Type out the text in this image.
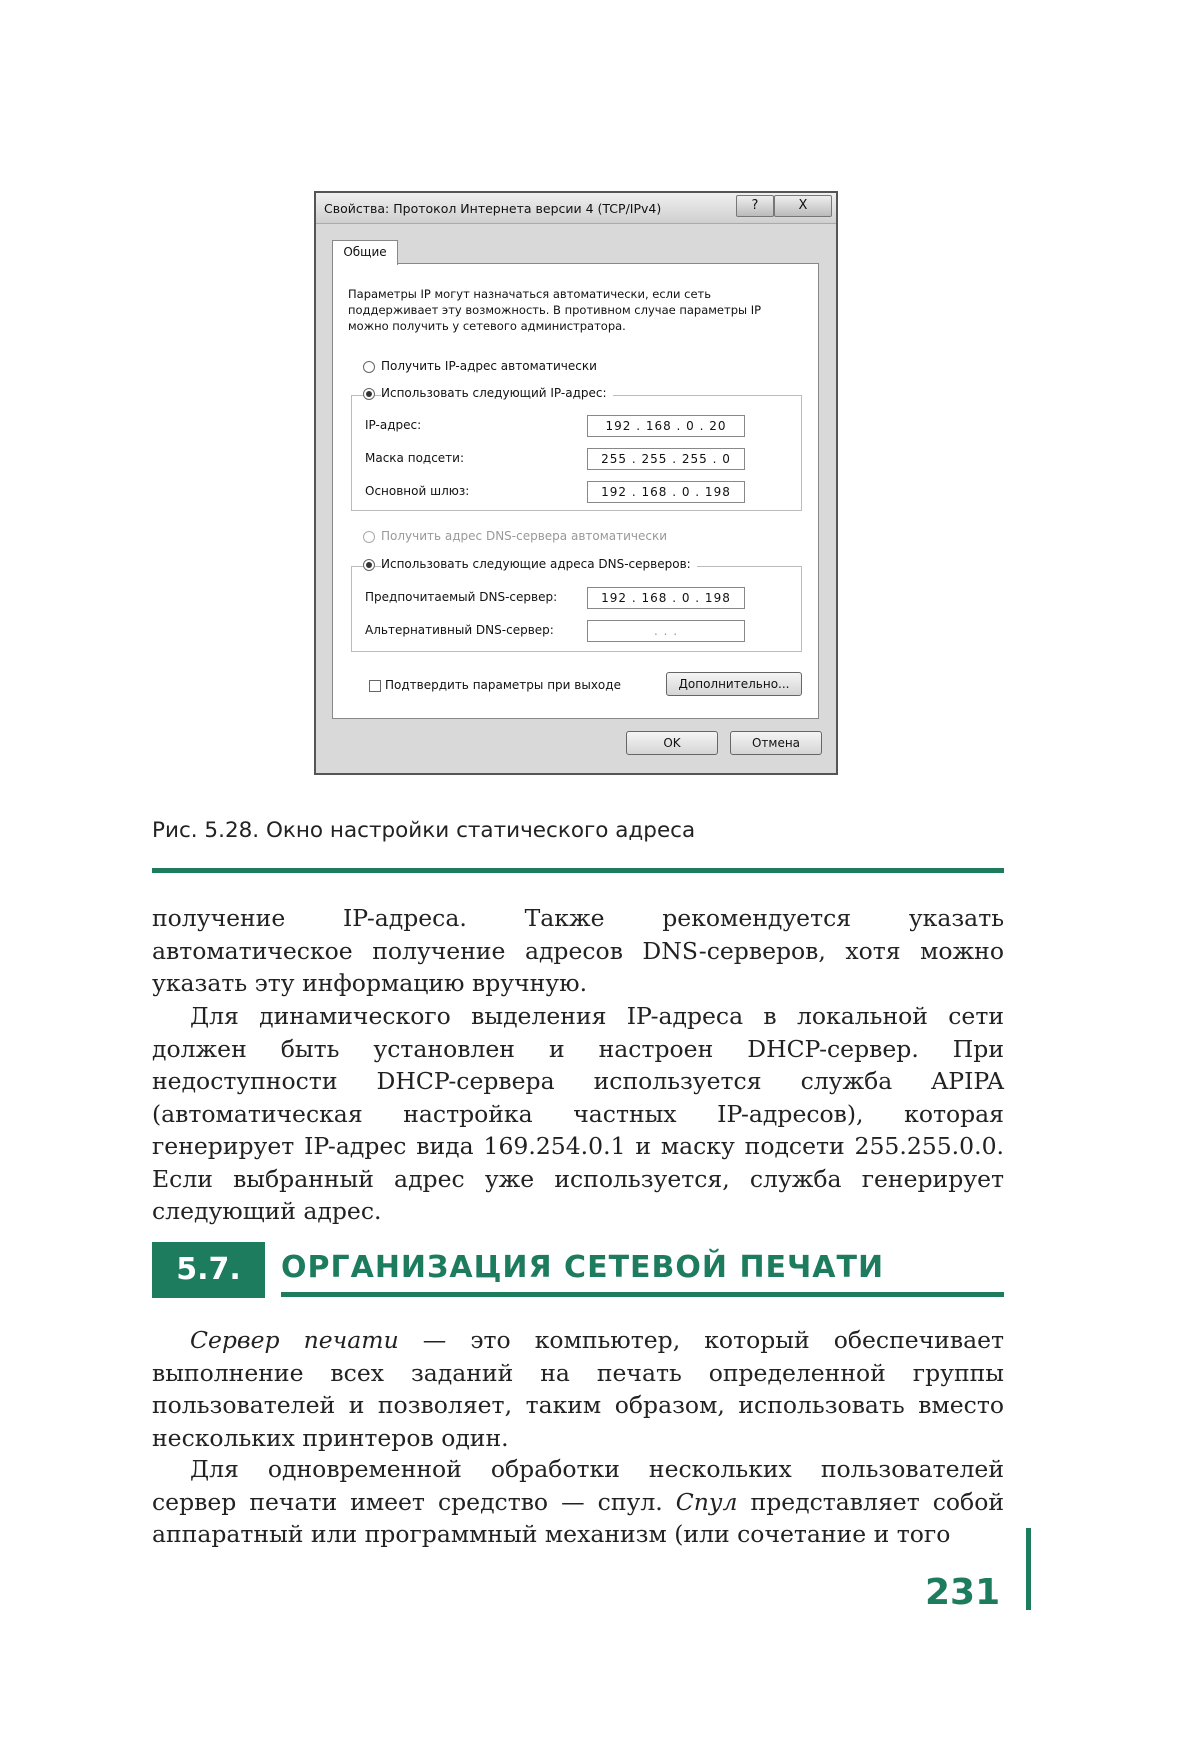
Свойства: Протокол Интернета версии 4 (TCP/IPv4)	?	X
Общие
Параметры IP могут назначаться автоматически, если сеть поддерживает эту возможность. В противном случае параметры IP можно получить у сетевого администратора.
Получить IP-адрес автоматически
Использовать следующий IP-адрес:
IP-адрес:	192 . 168 . 0 . 20
Маска подсети:	255 . 255 . 255 . 0
Основной шлюз:	192 . 168 . 0 . 198
Получить адрес DNS-сервера автоматически
Использовать следующие адреса DNS-серверов:
Предпочитаемый DNS-сервер:	192 . 168 . 0 . 198
Альтернативный DNS-сервер:	. . .
Подтвердить параметры при выходе	Дополнительно...
OK	Отмена
Рис. 5.28. Окно настройки статического адреса
получение IP-адреса. Также рекомендуется указать автоматическое получение адресов DNS-серверов, хотя можно указать эту информацию вручную.
Для динамического выделения IP-адреса в локальной сети должен быть установлен и настроен DHCP-сервер. При недоступности DHCP-сервера используется служба APIPA (автоматическая настройка частных IP-адресов), которая генерирует IP-адрес вида 169.254.0.1 и маску подсети 255.255.0.0. Если выбранный адрес уже используется, служба генерирует следующий адрес.
5.7.	ОРГАНИЗАЦИЯ СЕТЕВОЙ ПЕЧАТИ
Сервер печати — это компьютер, который обеспечивает выполнение всех заданий на печать определенной группы пользователей и позволяет, таким образом, использовать вместо нескольких принтеров один.
Для одновременной обработки нескольких пользователей сервер печати имеет средство — спул. Спул представляет собой аппаратный или программный механизм (или сочетание и того
231
